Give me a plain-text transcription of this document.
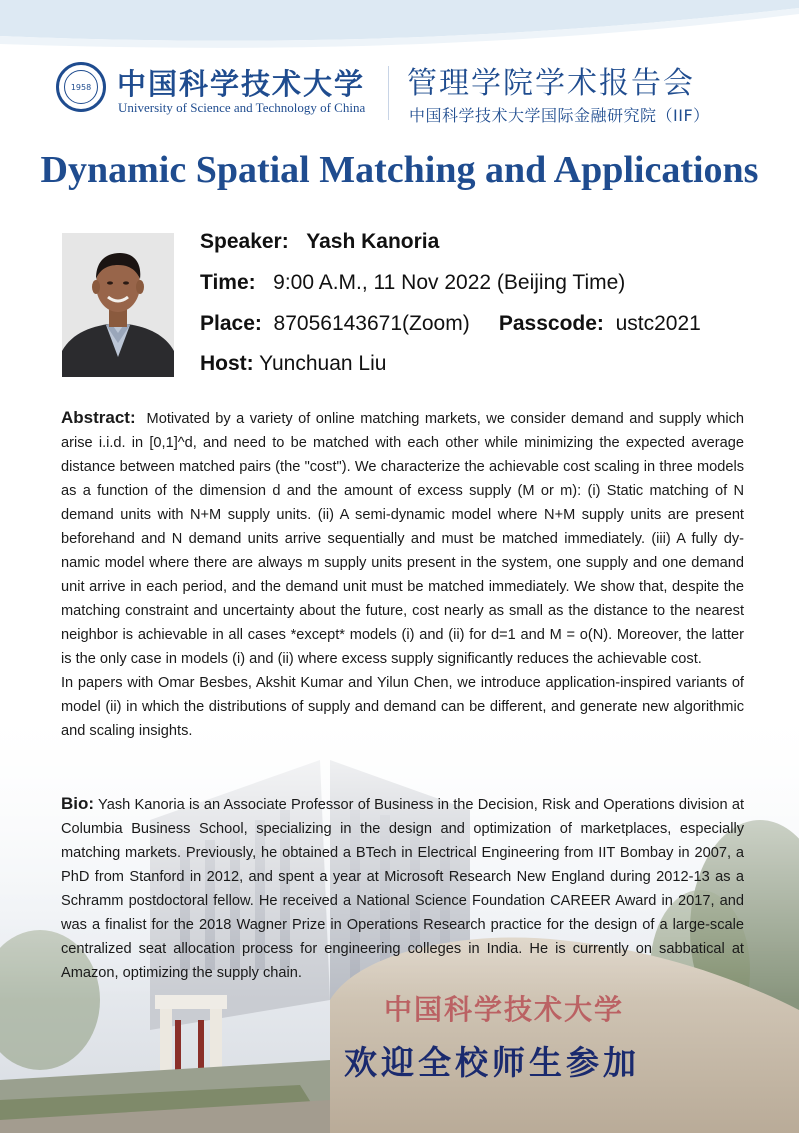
1958 中国科学技术大学
University of Science and Technology of China
管理学院学术报告会
中国科学技术大学国际金融研究院（IIF）
Dynamic Spatial Matching and Applications
Speaker: Yash Kanoria
Time: 9:00 A.M., 11 Nov 2022 (Beijing Time)
Place: 87056143671(Zoom) Passcode: ustc2021
Host: Yunchuan Liu

Abstract: Motivated by a variety of online matching markets, we consider demand and supply which arise i.i.d. in [0,1]^d, and need to be matched with each other while minimizing the expected average distance between matched pairs (the "cost"). We characterize the achievable cost scaling in three models as a function of the dimension d and the amount of excess supply (M or m): (i) Static matching of N demand units with N+M supply units. (ii) A semi-dynamic model where N+M supply units are present beforehand and N demand units arrive sequentially and must be matched immediately. (iii) A fully dynamic model where there are always m supply units present in the system, one supply and one demand unit arrive in each period, and the demand unit must be matched immediately. We show that, despite the matching constraint and uncertainty about the future, cost nearly as small as the distance to the nearest neighbor is achievable in all cases *except* models (i) and (ii) for d=1 and M = o(N). Moreover, the latter is the only case in models (i) and (ii) where excess supply significantly reduces the achievable cost.

In papers with Omar Besbes, Akshit Kumar and Yilun Chen, we introduce application-inspired variants of model (ii) in which the distributions of supply and demand can be different, and generate new algorithmic and scaling insights.

Bio: Yash Kanoria is an Associate Professor of Business in the Decision, Risk and Operations division at Columbia Business School, specializing in the design and optimization of marketplaces, especially matching markets. Previously, he obtained a BTech in Electrical Engineering from IIT Bombay in 2007, a PhD from Stanford in 2012, and spent a year at Microsoft Research New England during 2012-13 as a Schramm postdoctoral fellow. He received a National Science Foundation CAREER Award in 2017, and was a finalist for the 2018 Wagner Prize in Operations Research practice for the design of a large-scale centralized seat allocation process for engineering colleges in India. He is currently on sabbatical at Amazon, optimizing the supply chain.

中国科学技术大学
欢迎全校师生参加
